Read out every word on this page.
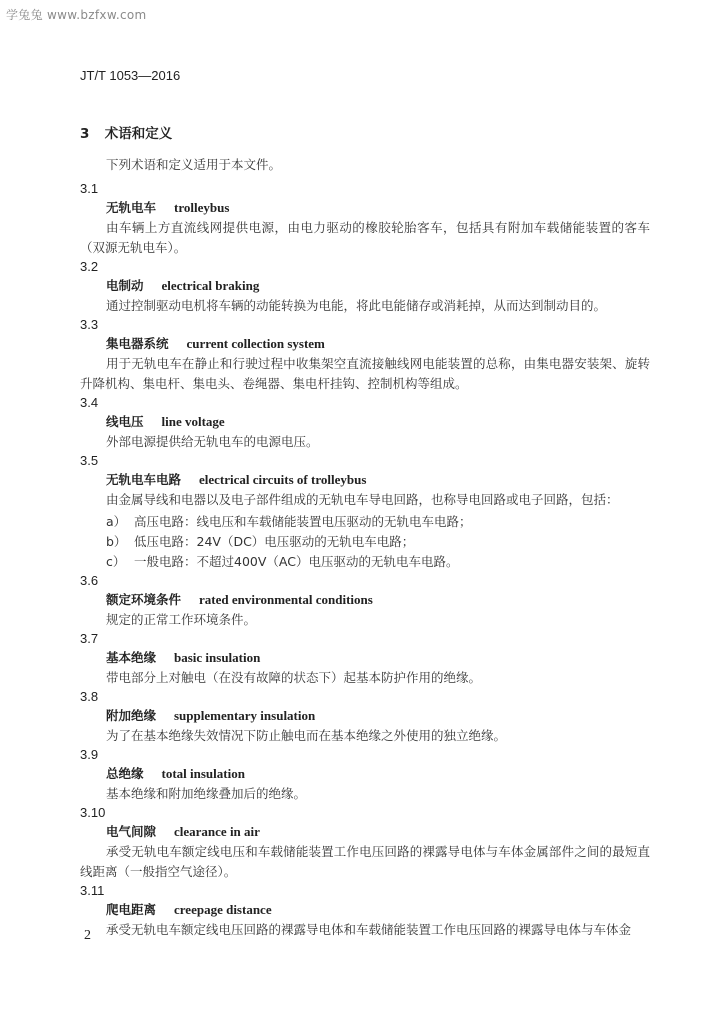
学兔兔 www.bzfxw.com
JT/T 1053—2016
3 术语和定义
下列术语和定义适用于本文件。
3.1
无轨电车 trolleybus
由车辆上方直流线网提供电源，由电力驱动的橡胶轮胎客车，包括具有附加车载储能装置的客车（双源无轨电车）。
3.2
电制动 electrical braking
通过控制驱动电机将车辆的动能转换为电能，将此电能储存或消耗掉，从而达到制动目的。
3.3
集电器系统 current collection system
用于无轨电车在静止和行驶过程中收集架空直流接触线网电能装置的总称，由集电器安装架、旋转升降机构、集电杆、集电头、卷绳器、集电杆挂钩、控制机构等组成。
3.4
线电压 line voltage
外部电源提供给无轨电车的电源电压。
3.5
无轨电车电路 electrical circuits of trolleybus
由金属导线和电器以及电子部件组成的无轨电车导电回路，也称导电回路或电子回路，包括：
a） 高压电路：线电压和车载储能装置电压驱动的无轨电车电路；
b） 低压电路：24V（DC）电压驱动的无轨电车电路；
c） 一般电路：不超过400V（AC）电压驱动的无轨电车电路。
3.6
额定环境条件 rated environmental conditions
规定的正常工作环境条件。
3.7
基本绝缘 basic insulation
带电部分上对触电（在没有故障的状态下）起基本防护作用的绝缘。
3.8
附加绝缘 supplementary insulation
为了在基本绝缘失效情况下防止触电而在基本绝缘之外使用的独立绝缘。
3.9
总绝缘 total insulation
基本绝缘和附加绝缘叠加后的绝缘。
3.10
电气间隙 clearance in air
承受无轨电车额定线电压和车载储能装置工作电压回路的裸露导电体与车体金属部件之间的最短直线距离（一般指空气途径）。
3.11
爬电距离 creepage distance
承受无轨电车额定线电压回路的裸露导电体和车载储能装置工作电压回路的裸露导电体与车体金
2
